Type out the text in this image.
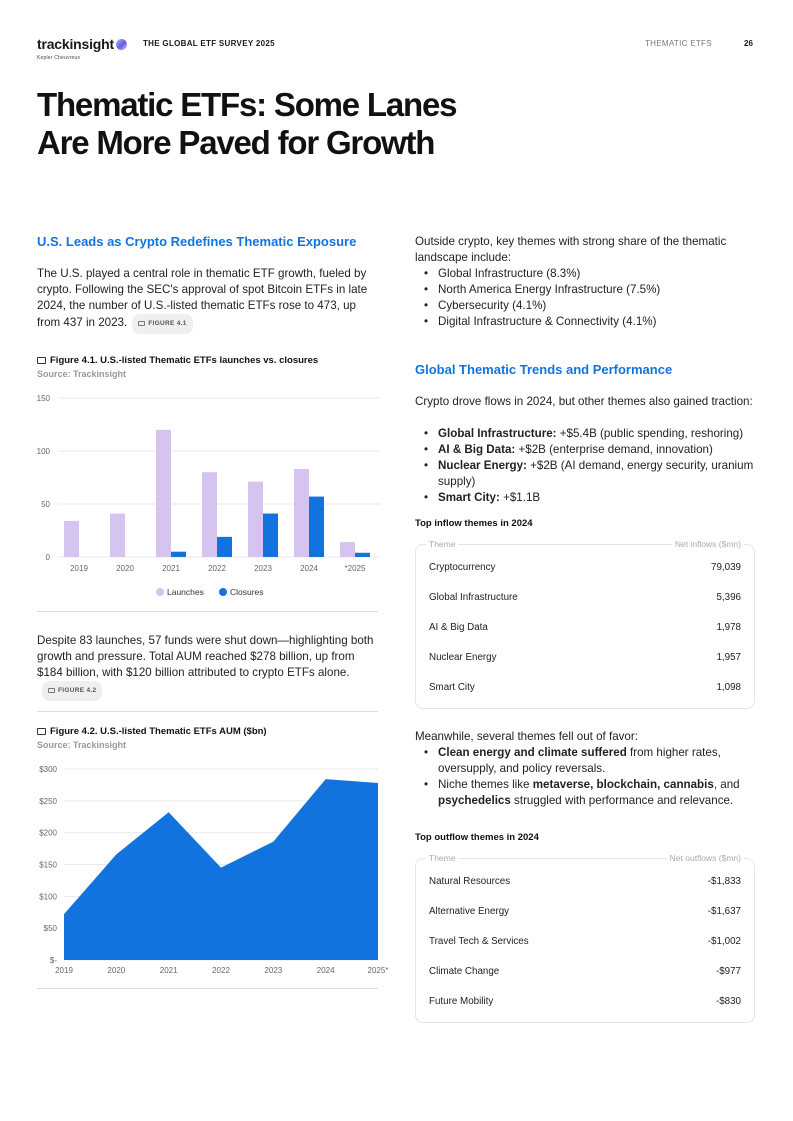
trackinsight
Kepler Cheuvreux
THE GLOBAL ETF SURVEY 2025	THEMATIC ETFS	26
Thematic ETFs: Some Lanes
Are More Paved for Growth
U.S. Leads as Crypto Redefines Thematic Exposure
The U.S. played a central role in thematic ETF growth, fueled by crypto. Following the SEC's approval of spot Bitcoin ETFs in late 2024, the number of U.S.-listed thematic ETFs rose to 473, up from 437 in 2023.	FIGURE 4.1
Figure 4.1. U.S.-listed Thematic ETFs launches vs. closures
Source: Trackinsight
0
50
100
150
2019	2020	2021	2022	2023	2024	*2025
Launches	Closures
Despite 83 launches, 57 funds were shut down—highlighting both growth and pressure. Total AUM reached $278 billion, up from $184 billion, with $120 billion attributed to crypto ETFs alone.FIGURE 4.2
Figure 4.2. U.S.-listed Thematic ETFs AUM ($bn)
Source: Trackinsight
$-
$50
$100
$150
$200
$250
$300
2019	2020	2021	2022	2023	2024	2025*
Outside crypto, key themes with strong share of the thematic landscape include:
• Global Infrastructure (8.3%)
• North America Energy Infrastructure (7.5%)
• Cybersecurity (4.1%)
• Digital Infrastructure & Connectivity (4.1%)
Global Thematic Trends and Performance
Crypto drove flows in 2024, but other themes also gained traction:
• Global Infrastructure: +$5.4B (public spending, reshoring)
• AI & Big Data: +$2B (enterprise demand, innovation)
• Nuclear Energy: +$2B (AI demand, energy security, uranium supply)
• Smart City: +$1.1B
Top inflow themes in 2024
Theme	Net inflows ($mn)
Cryptocurrency	79,039
Global Infrastructure	5,396
AI & Big Data	1,978
Nuclear Energy	1,957
Smart City	1,098
Meanwhile, several themes fell out of favor:
• Clean energy and climate suffered from higher rates, oversupply, and policy reversals.
• Niche themes like metaverse, blockchain, cannabis, and psychedelics struggled with performance and relevance.
Top outflow themes in 2024
Theme	Net outflows ($mn)
Natural Resources	-$1,833
Alternative Energy	-$1,637
Travel Tech & Services	-$1,002
Climate Change	-$977
Future Mobility	-$830
